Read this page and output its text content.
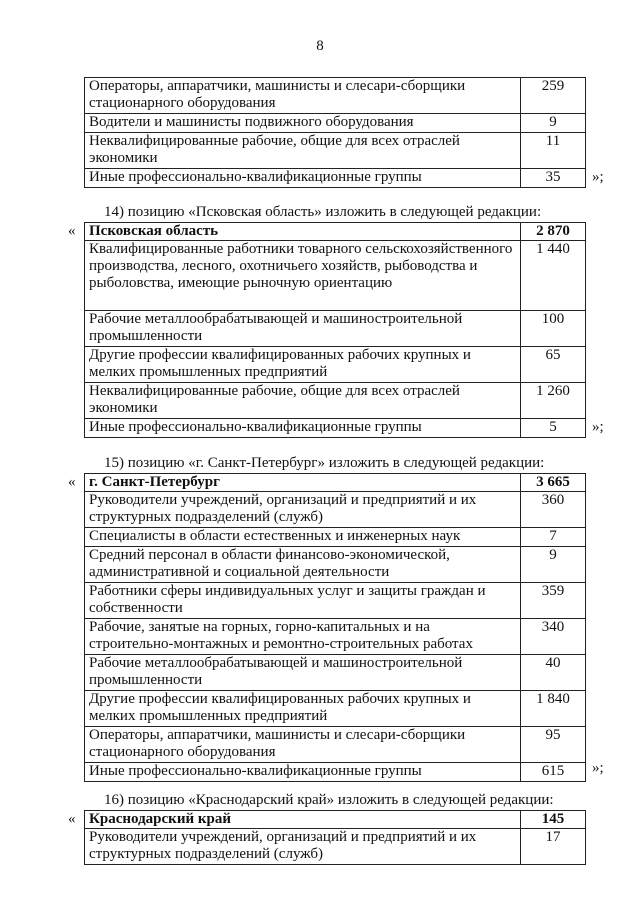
8
Операторы, аппаратчики, машинисты и слесари-сборщики стационарного оборудования	259
Водители и машинисты подвижного оборудования	9
Неквалифицированные рабочие, общие для всех отраслей экономики	11
Иные профессионально-квалификационные группы	35 »;
14) позицию «Псковская область» изложить в следующей редакции:
« Псковская область	2 870
Квалифицированные работники товарного сельскохозяйственного производства, лесного, охотничьего хозяйств, рыбоводства и рыболовства, имеющие рыночную ориентацию	1 440
Рабочие металлообрабатывающей и машиностроительной промышленности	100
Другие профессии квалифицированных рабочих крупных и мелких промышленных предприятий	65
Неквалифицированные рабочие, общие для всех отраслей экономики	1 260
Иные профессионально-квалификационные группы	5 »;
15) позицию «г. Санкт-Петербург» изложить в следующей редакции:
« г. Санкт-Петербург	3 665
Руководители учреждений, организаций и предприятий и их структурных подразделений (служб)	360
Специалисты в области естественных и инженерных наук	7
Средний персонал в области финансово-экономической, административной и социальной деятельности	9
Работники сферы индивидуальных услуг и защиты граждан и собственности	359
Рабочие, занятые на горных, горно-капитальных и на строительно-монтажных и ремонтно-строительных работах	340
Рабочие металлообрабатывающей и машиностроительной промышленности	40
Другие профессии квалифицированных рабочих крупных и мелких промышленных предприятий	1 840
Операторы, аппаратчики, машинисты и слесари-сборщики стационарного оборудования	95
Иные профессионально-квалификационные группы	615 »;
16) позицию «Краснодарский край» изложить в следующей редакции:
« Краснодарский край	145
Руководители учреждений, организаций и предприятий и их структурных подразделений (служб)	17
